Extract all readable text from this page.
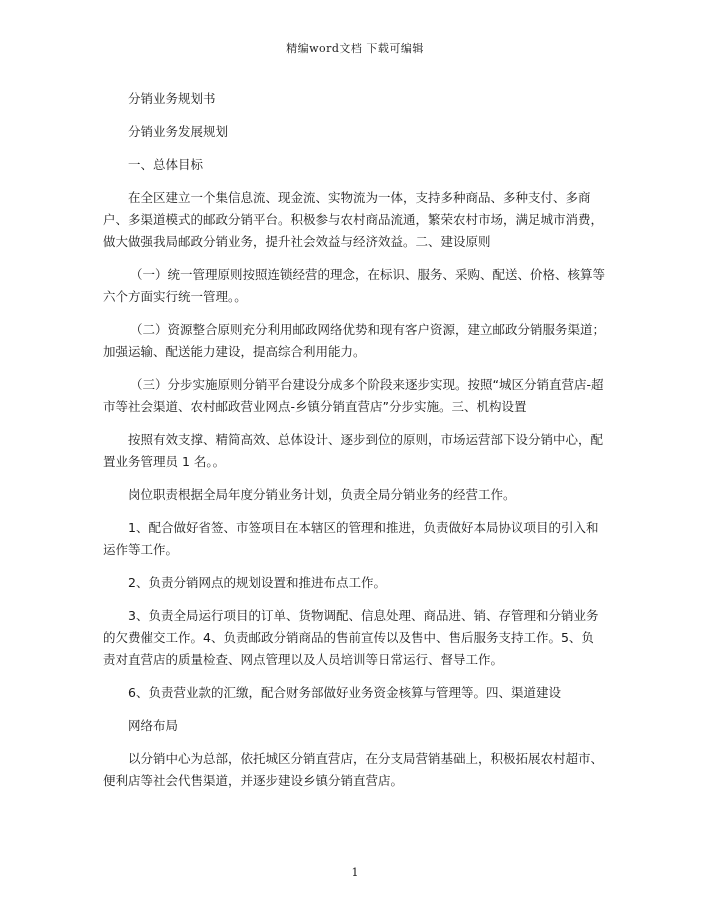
精编word文档 下载可编辑

分销业务规划书

分销业务发展规划

一、总体目标

在全区建立一个集信息流、现金流、实物流为一体，支持多种商品、多种支付、多商户、多渠道模式的邮政分销平台。积极参与农村商品流通，繁荣农村市场，满足城市消费，做大做强我局邮政分销业务，提升社会效益与经济效益。二、建设原则

（一）统一管理原则按照连锁经营的理念，在标识、服务、采购、配送、价格、核算等六个方面实行统一管理。。

（二）资源整合原则充分利用邮政网络优势和现有客户资源，建立邮政分销服务渠道；加强运输、配送能力建设，提高综合利用能力。

（三）分步实施原则分销平台建设分成多个阶段来逐步实现。按照“城区分销直营店-超市等社会渠道、农村邮政营业网点-乡镇分销直营店”分步实施。三、机构设置

按照有效支撑、精简高效、总体设计、逐步到位的原则，市场运营部下设分销中心，配置业务管理员 1 名。。

岗位职责根据全局年度分销业务计划，负责全局分销业务的经营工作。

1、配合做好省签、市签项目在本辖区的管理和推进，负责做好本局协议项目的引入和运作等工作。

2、负责分销网点的规划设置和推进布点工作。

3、负责全局运行项目的订单、货物调配、信息处理、商品进、销、存管理和分销业务的欠费催交工作。4、负责邮政分销商品的售前宣传以及售中、售后服务支持工作。5、负责对直营店的质量检查、网点管理以及人员培训等日常运行、督导工作。

6、负责营业款的汇缴，配合财务部做好业务资金核算与管理等。四、渠道建设

网络布局

以分销中心为总部，依托城区分销直营店，在分支局营销基础上，积极拓展农村超市、便利店等社会代售渠道，并逐步建设乡镇分销直营店。

1
